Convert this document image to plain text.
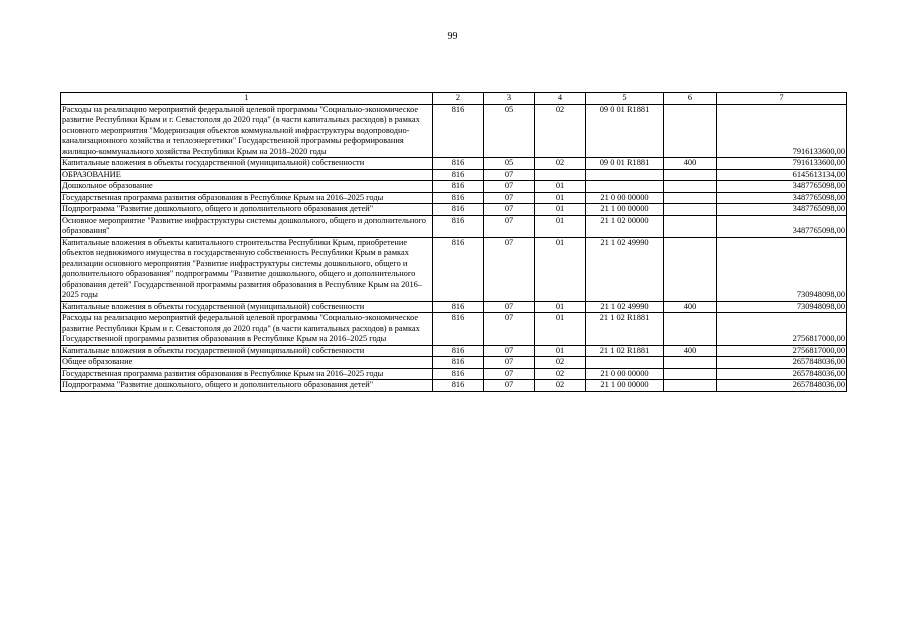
99
1	2	3	4	5	6	7
Расходы на реализацию мероприятий федеральной целевой программы "Социально-экономическое развитие Республики Крым и г. Севастополя до 2020 года" (в части капитальных расходов) в рамках основного мероприятия "Модернизация объектов коммунальной инфраструктуры водопроводно-канализационного хозяйства и теплоэнергетики" Государственной программы реформирования жилищно-коммунального хозяйства Республики Крым на 2018–2020 годы	816	05	02	09 0 01 R1881		7916133600,00
Капитальные вложения в объекты государственной (муниципальной) собственности	816	05	02	09 0 01 R1881	400	7916133600,00
ОБРАЗОВАНИЕ	816	07				6145613134,00
Дошкольное образование	816	07	01			3487765098,00
Государственная программа развития образования в Республике Крым на 2016–2025 годы	816	07	01	21 0 00 00000		3487765098,00
Подпрограмма "Развитие дошкольного, общего и дополнительного образования детей"	816	07	01	21 1 00 00000		3487765098,00
Основное мероприятие "Развитие инфраструктуры системы дошкольного, общего и дополнительного образования"	816	07	01	21 1 02 00000		3487765098,00
Капитальные вложения в объекты капитального строительства Республики Крым, приобретение объектов недвижимого имущества в государственную собственность Республики Крым в рамках реализации основного мероприятия "Развитие инфраструктуры системы дошкольного, общего и дополнительного образования" подпрограммы "Развитие дошкольного, общего и дополнительного образования детей" Государственной программы развития образования в Республике Крым на 2016–2025 годы	816	07	01	21 1 02 49990		730948098,00
Капитальные вложения в объекты государственной (муниципальной) собственности	816	07	01	21 1 02 49990	400	730948098,00
Расходы на реализацию мероприятий федеральной целевой программы "Социально-экономическое развитие Республики Крым и г. Севастополя до 2020 года" (в части капитальных расходов) в рамках Государственной программы развития образования в Республике Крым на 2016–2025 годы	816	07	01	21 1 02 R1881		2756817000,00
Капитальные вложения в объекты государственной (муниципальной) собственности	816	07	01	21 1 02 R1881	400	2756817000,00
Общее образование	816	07	02			2657848036,00
Государственная программа развития образования в Республике Крым на 2016–2025 годы	816	07	02	21 0 00 00000		2657848036,00
Подпрограмма "Развитие дошкольного, общего и дополнительного образования детей"	816	07	02	21 1 00 00000		2657848036,00
